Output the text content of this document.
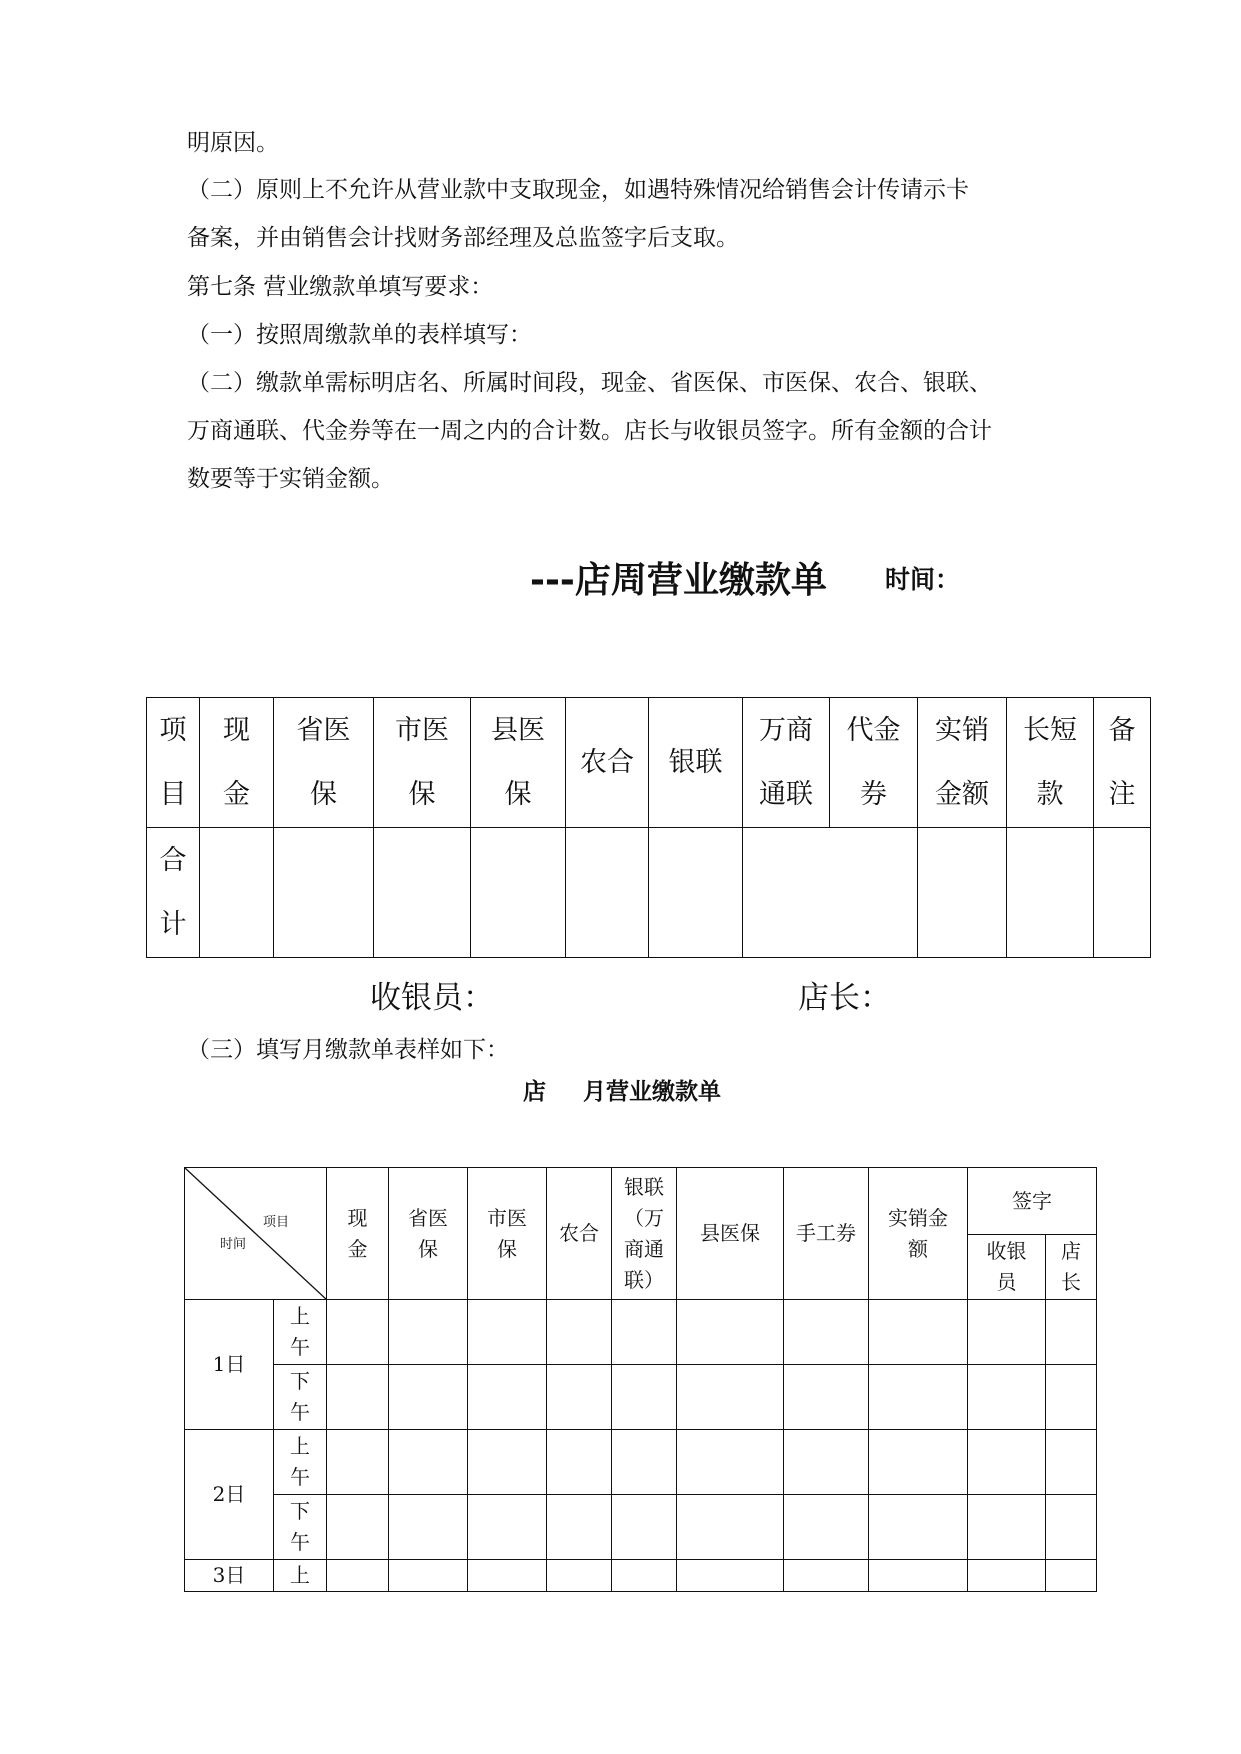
明原因。
（二）原则上不允许从营业款中支取现金，如遇特殊情况给销售会计传请示卡
备案，并由销售会计找财务部经理及总监签字后支取。
第七条 营业缴款单填写要求：
（一）按照周缴款单的表样填写：
（二）缴款单需标明店名、所属时间段，现金、省医保、市医保、农合、银联、
万商通联、代金券等在一周之内的合计数。店长与收银员签字。所有金额的合计
数要等于实销金额。
---店周营业缴款单 时间：
项目	现金	省医保	市医保	县医保	农合	银联	万商通联	代金券	实销金额	长短款	备注

合计											

收银员：	店长：
（三）填写月缴款单表样如下：
店 月营业缴款单
项目
时间		现金	省医保	市医保	农合	银联（万商通联）	县医保	手工券	实销金额	签字	

										收银员	店长

1日	上午										

	下午										

2日	上午										

	下午										

3日	上										
